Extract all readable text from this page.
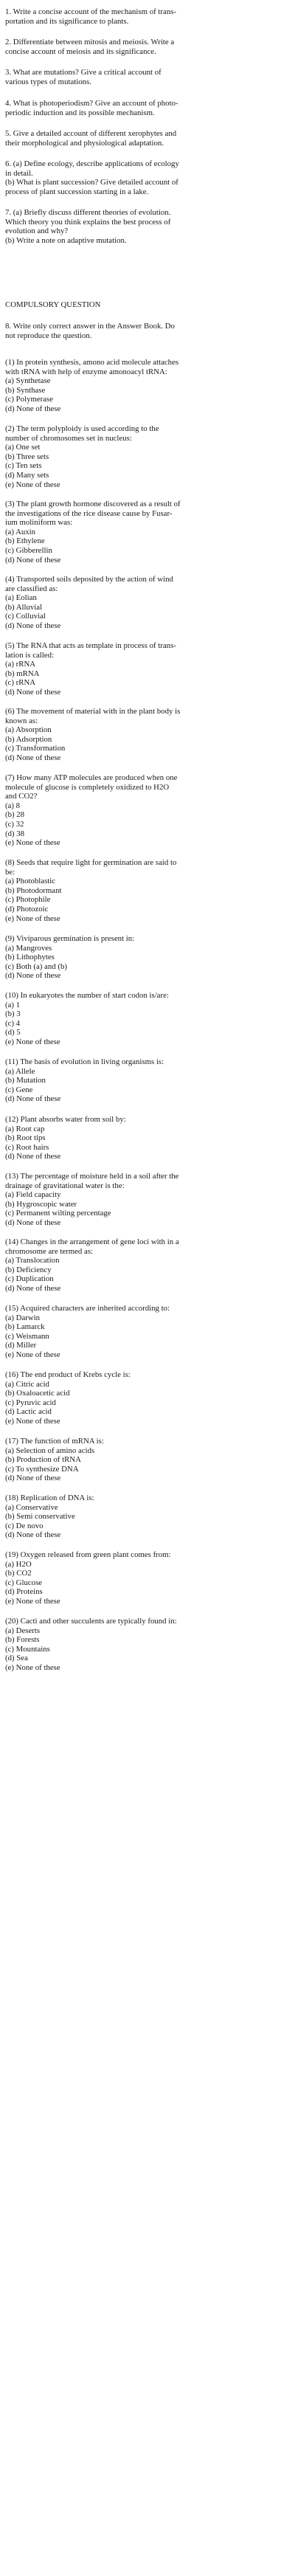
1. Write a concise account of the mechanism of trans-

portation and its significance to plants.

2. Differentiate between mitosis and meiosis. Write a

concise account of meiosis and its significance.

3. What are mutations? Give a critical account of

various types of mutations.

4. What is photoperiodism? Give an account of photo-

periodic induction and its possible mechanism.

5. Give a detailed account of different xerophytes and

their morphological and physiological adaptation.

6. (a) Define ecology, describe applications of ecology

in detail.

(b) What is plant succession? Give detailed account of

process of plant succession starting in a lake.

7. (a) Briefly discuss different theories of evolution.

Which theory you think explains the best process of

evolution and why?

(b) Write a note on adaptive mutation.

COMPULSORY QUESTION

8. Write only correct answer in the Answer Book. Do

not reproduce the question.

(1) In protein synthesis, amono acid molecule attaches

with tRNA with help of enzyme amonoacyl tRNA:

(a) Synthetase

(b) Synthase

(c) Polymerase

(d) None of these

(2) The term polyploidy is used according to the

number of chromosomes set in nucleus:

(a) One set

(b) Three sets

(c) Ten sets

(d) Many sets

(e) None of these

(3) The plant growth hormone discovered as a result of

the investigations of the rice disease cause by Fusar-

ium moliniform was:

(a) Auxin

(b) Ethylene

(c) Gibberellin

(d) None of these

(4) Transported soils deposited by the action of wind

are classified as:

(a) Eolian

(b) Alluvial

(c) Colluvial

(d) None of these

(5) The RNA that acts as template in process of trans-

lation is called:

(a) rRNA

(b) mRNA

(c) rRNA

(d) None of these

(6) The movement of material with in the plant body is

known as:

(a) Absorption

(b) Adsorption

(c) Transformation

(d) None of these

(7) How many ATP molecules are produced when one

molecule of glucose is completely oxidized to H2O

and CO2?

(a) 8

(b) 28

(c) 32

(d) 38

(e) None of these

(8) Seeds that require light for germination are said to

be:

(a) Photoblastic

(b) Photodormant

(c) Photophile

(d) Photozoic

(e) None of these

(9) Viviparous germination is present in:

(a) Mangroves

(b) Lithophytes

(c) Both (a) and (b)

(d) None of these

(10) In eukaryotes the number of start codon is/are:

(a) 1

(b) 3

(c) 4

(d) 5

(e) None of these

(11) The basis of evolution in living organisms is:

(a) Allele

(b) Mutation

(c) Gene

(d) None of these

(12) Plant absorbs water from soil by:

(a) Root cap

(b) Root tips

(c) Root hairs

(d) None of these

(13) The percentage of moisture held in a soil after the

drainage of gravitational water is the:

(a) Field capacity

(b) Hygroscopic water

(c) Permanent wilting percentage

(d) None of these

(14) Changes in the arrangement of gene loci with in a

chromosome are termed as:

(a) Translocation

(b) Deficiency

(c) Duplication

(d) None of these

(15) Acquired characters are inherited according to:

(a) Darwin

(b) Lamarck

(c) Weismann

(d) Miller

(e) None of these

(16) The end product of Krebs cycle is:

(a) Citric acid

(b) Oxaloacetic acid

(c) Pyruvic acid

(d) Lactic acid

(e) None of these

(17) The function of mRNA is:

(a) Selection of amino acids

(b) Production of tRNA

(c) To synthesize DNA

(d) None of these

(18) Replication of DNA is:

(a) Conservative

(b) Semi conservative

(c) De novo

(d) None of these

(19) Oxygen released from green plant comes from:

(a) H2O

(b) CO2

(c) Glucose

(d) Proteins

(e) None of these

(20) Cacti and other succulents are typically found in:

(a) Deserts

(b) Forests

(c) Mountains

(d) Sea

(e) None of these
